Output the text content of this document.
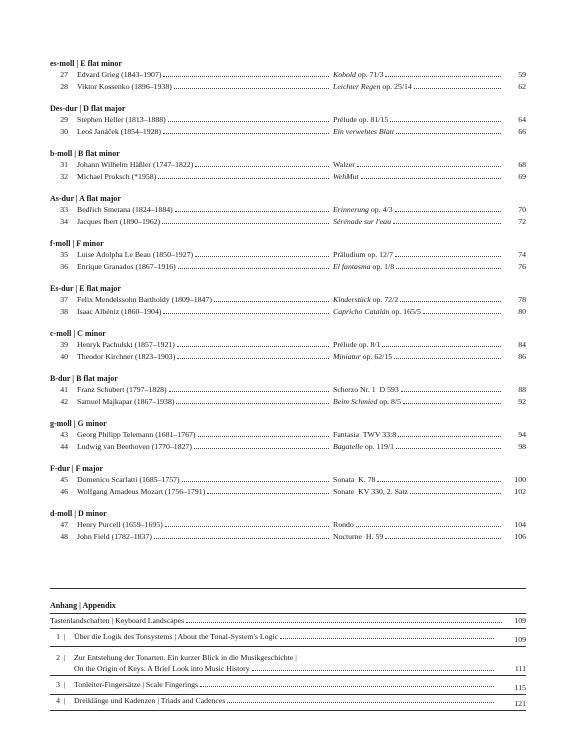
es-moll | E flat minor
27 Edvard Grieg (1843–1907)	Kobold op. 71/3	59
28 Viktor Kossenko (1896–1938)	Leichter Regen op. 25/14	62
Des-dur | D flat major
29 Stephen Heller (1813–1888)	Prélude op. 81/15	64
30 Leoš Janáček (1854–1928)	Ein verwehtes Blatt	66
b-moll | B flat minor
31 Johann Wilhelm Häßler (1747–1822)	Walzer	68
32 Michael Proksch (*1958)	WehMut	69
As-dur | A flat major
33 Bedřich Smetana (1824–1884)	Erinnerung op. 4/3	70
34 Jacques Ibert (1890–1962)	Sérénade sur l'eau	72
f-moll | F minor
35 Luise Adolpha Le Beau (1850–1927)	Präludium op. 12/7	74
36 Enrique Granados (1867–1916)	El fantasma op. 1/8	76
Es-dur | E flat major
37 Felix Mendelssohn Bartholdy (1809–1847)	Kinderstück op. 72/2	78
38 Isaac Albéniz (1860–1904)	Capricho Catalán op. 165/5	80
c-moll | C minor
39 Henryk Pachulski (1857–1921)	Prélude op. 8/1	84
40 Theodor Kirchner (1823–1903)	Miniatur op. 62/15	86
B-dur | B flat major
41 Franz Schubert (1797–1828)	Scherzo Nr. 1  D 593	88
42 Samuel Majkapar (1867–1938)	Beim Schmied op. 8/5	92
g-moll | G minor
43 Georg Philipp Telemann (1681–1767)	Fantasia  TWV 33:8	94
44 Ludwig van Beethoven (1770–1827)	Bagatelle op. 119/1	98
F-dur | F major
45 Domenico Scarlatti (1685–1757)	Sonata  K. 78	100
46 Wolfgang Amadeus Mozart (1756–1791)	Sonate  KV 330, 2. Satz	102
d-moll | D minor
47 Henry Purcell (1659–1695)	Rondo	104
48 John Field (1782–1837)	Nocturne  H. 59	106
Anhang | Appendix
Tastenlandschaften | Keyboard Landscapes	109
1 | Über die Logik des Tonsystems | About the Tonal-System's Logic	109
2 | Zur Entstehung der Tonarten. Ein kurzer Blick in die Musikgeschichte |
On the Origin of Keys. A Brief Look into Music History	111
3 | Tonleiter-Fingersätze | Scale Fingerings	115
4 | Dreiklänge und Kadenzen | Triads and Cadences	121
